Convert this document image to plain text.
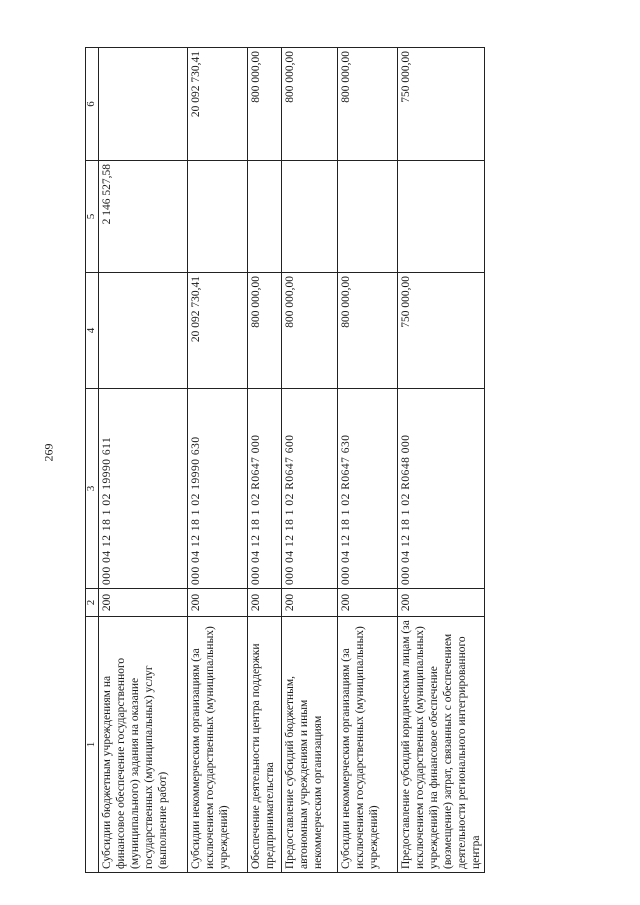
269
1	2	3	4	5	6
Субсидии бюджетным учреждениям на финансовое обеспечение государственного (муниципального) задания на оказание государственных (муниципальных) услуг (выполнение работ)	200	000 04 12 18 1 02 19990 611		2 146 527,58	
Субсидии некоммерческим организациям (за исключением государственных (муниципальных) учреждений)	200	000 04 12 18 1 02 19990 630	20 092 730,41		20 092 730,41
Обеспечение деятельности центра поддержки предпринимательства	200	000 04 12 18 1 02 R0647 000	800 000,00		800 000,00
Предоставление субсидий бюджетным, автономным учреждениям и иным некоммерческим организациям	200	000 04 12 18 1 02 R0647 600	800 000,00		800 000,00
Субсидии некоммерческим организациям (за исключением государственных (муниципальных) учреждений)	200	000 04 12 18 1 02 R0647 630	800 000,00		800 000,00
Предоставление субсидий юридическим лицам (за исключением государственных (муниципальных) учреждений) на финансовое обеспечение (возмещение) затрат, связанных с обеспечением деятельности регионального интегрированного центра	200	000 04 12 18 1 02 R0648 000	750 000,00		750 000,00
